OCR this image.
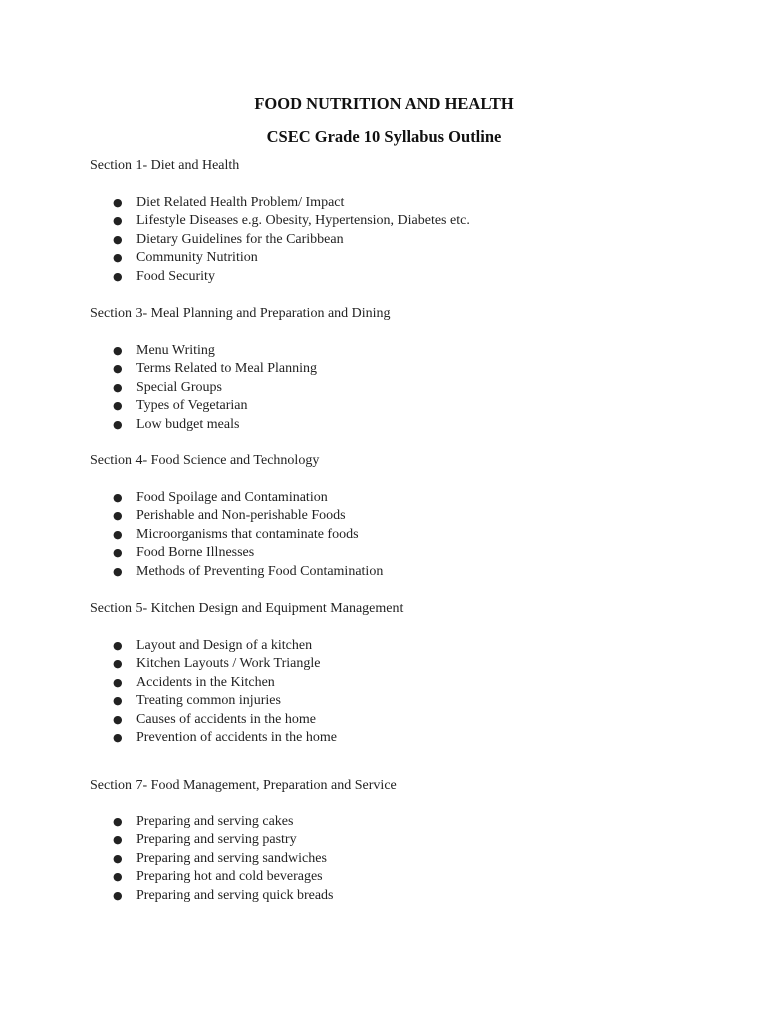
FOOD NUTRITION AND HEALTH
CSEC Grade 10 Syllabus Outline
Section 1- Diet and Health
● Diet Related Health Problem/ Impact
● Lifestyle Diseases e.g. Obesity, Hypertension, Diabetes etc.
● Dietary Guidelines for the Caribbean
● Community Nutrition
● Food Security
Section 3- Meal Planning and Preparation and Dining
● Menu Writing
● Terms Related to Meal Planning
● Special Groups
● Types of Vegetarian
● Low budget meals
Section 4- Food Science and Technology
● Food Spoilage and Contamination
● Perishable and Non-perishable Foods
● Microorganisms that contaminate foods
● Food Borne Illnesses
● Methods of Preventing Food Contamination
Section 5- Kitchen Design and Equipment Management
● Layout and Design of a kitchen
● Kitchen Layouts / Work Triangle
● Accidents in the Kitchen
● Treating common injuries
● Causes of accidents in the home
● Prevention of accidents in the home
Section 7- Food Management, Preparation and Service
● Preparing and serving cakes
● Preparing and serving pastry
● Preparing and serving sandwiches
● Preparing hot and cold beverages
● Preparing and serving quick breads
